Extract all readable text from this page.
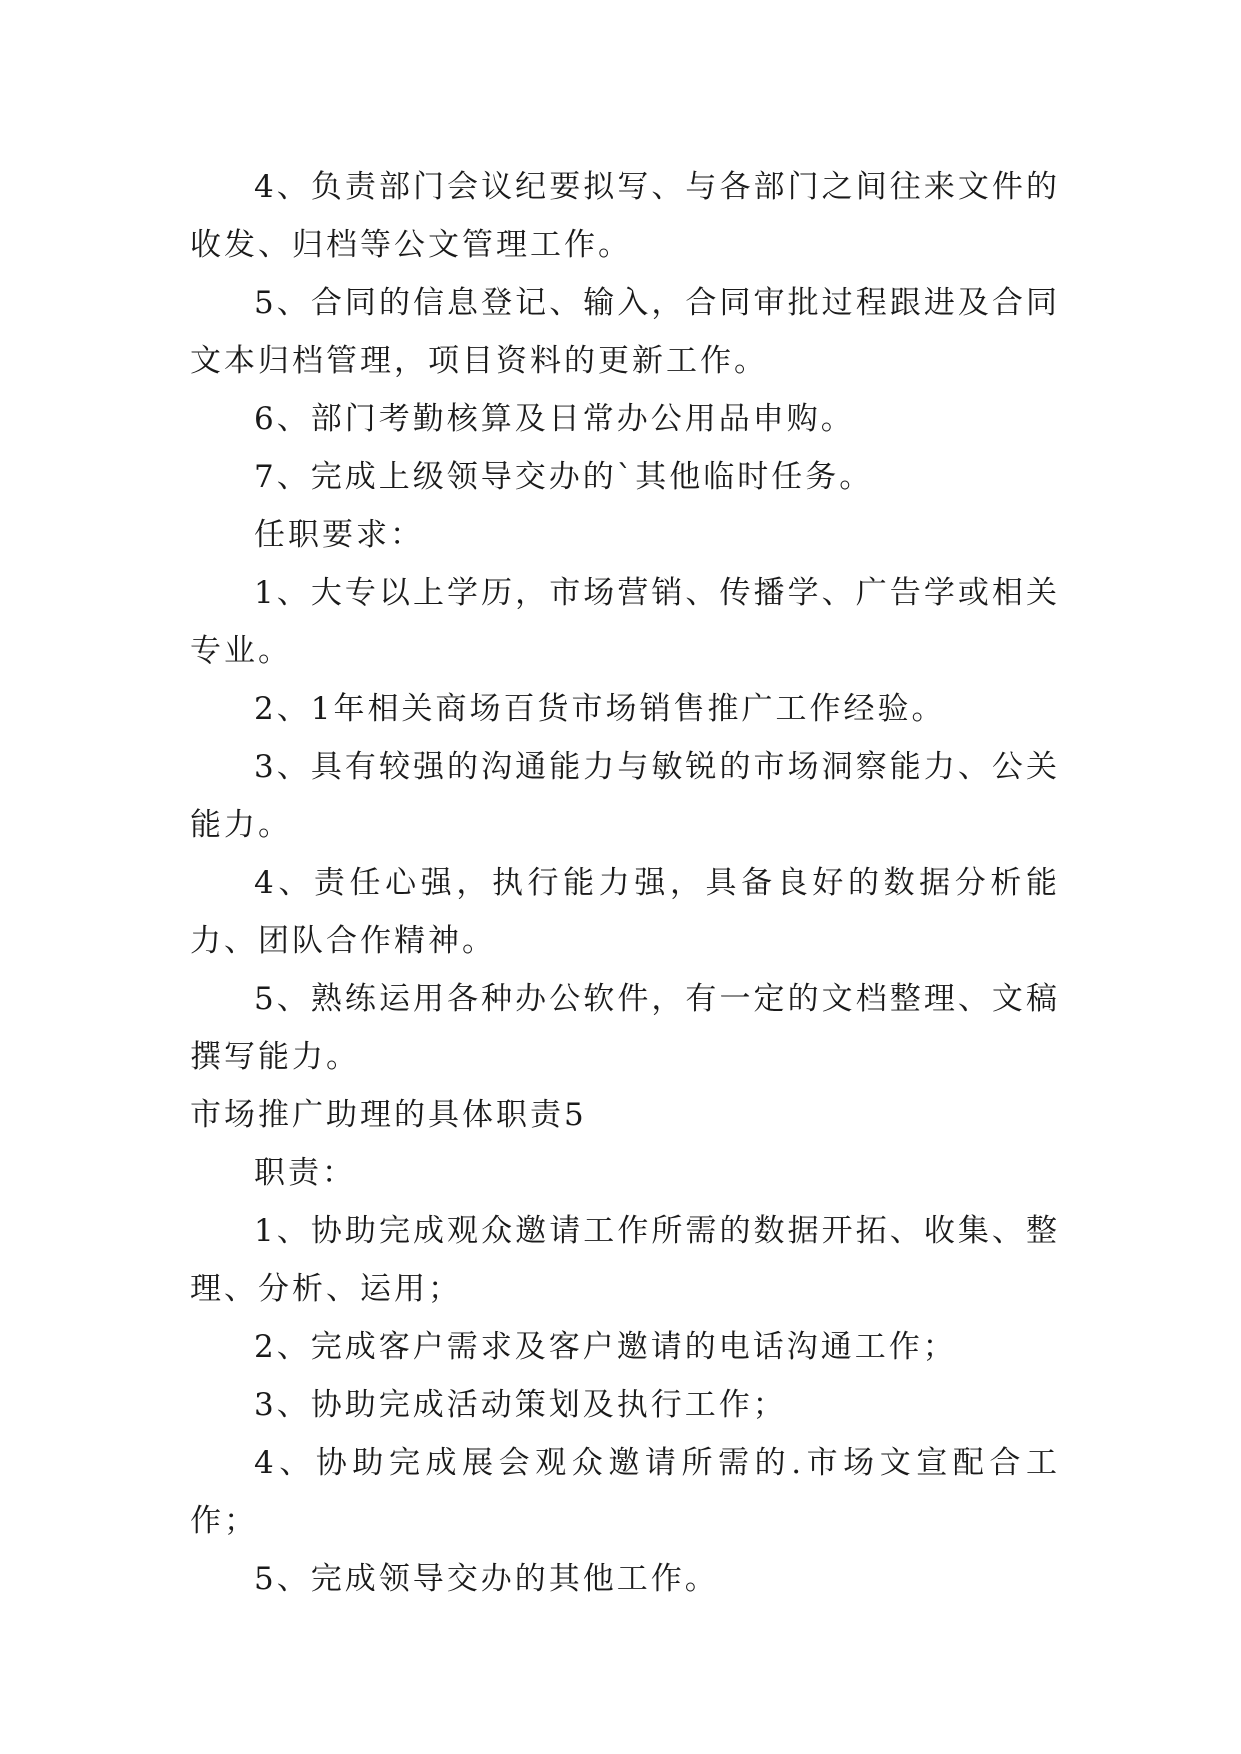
4、负责部门会议纪要拟写、与各部门之间往来文件的收发、归档等公文管理工作。

5、合同的信息登记、输入，合同审批过程跟进及合同文本归档管理，项目资料的更新工作。

6、部门考勤核算及日常办公用品申购。

7、完成上级领导交办的`其他临时任务。

任职要求：

1、大专以上学历，市场营销、传播学、广告学或相关专业。

2、1年相关商场百货市场销售推广工作经验。

3、具有较强的沟通能力与敏锐的市场洞察能力、公关能力。

4、责任心强，执行能力强，具备良好的数据分析能力、团队合作精神。

5、熟练运用各种办公软件，有一定的文档整理、文稿撰写能力。

市场推广助理的具体职责5

职责：

1、协助完成观众邀请工作所需的数据开拓、收集、整理、分析、运用；

2、完成客户需求及客户邀请的电话沟通工作；

3、协助完成活动策划及执行工作；

4、协助完成展会观众邀请所需的.市场文宣配合工作；

5、完成领导交办的其他工作。
